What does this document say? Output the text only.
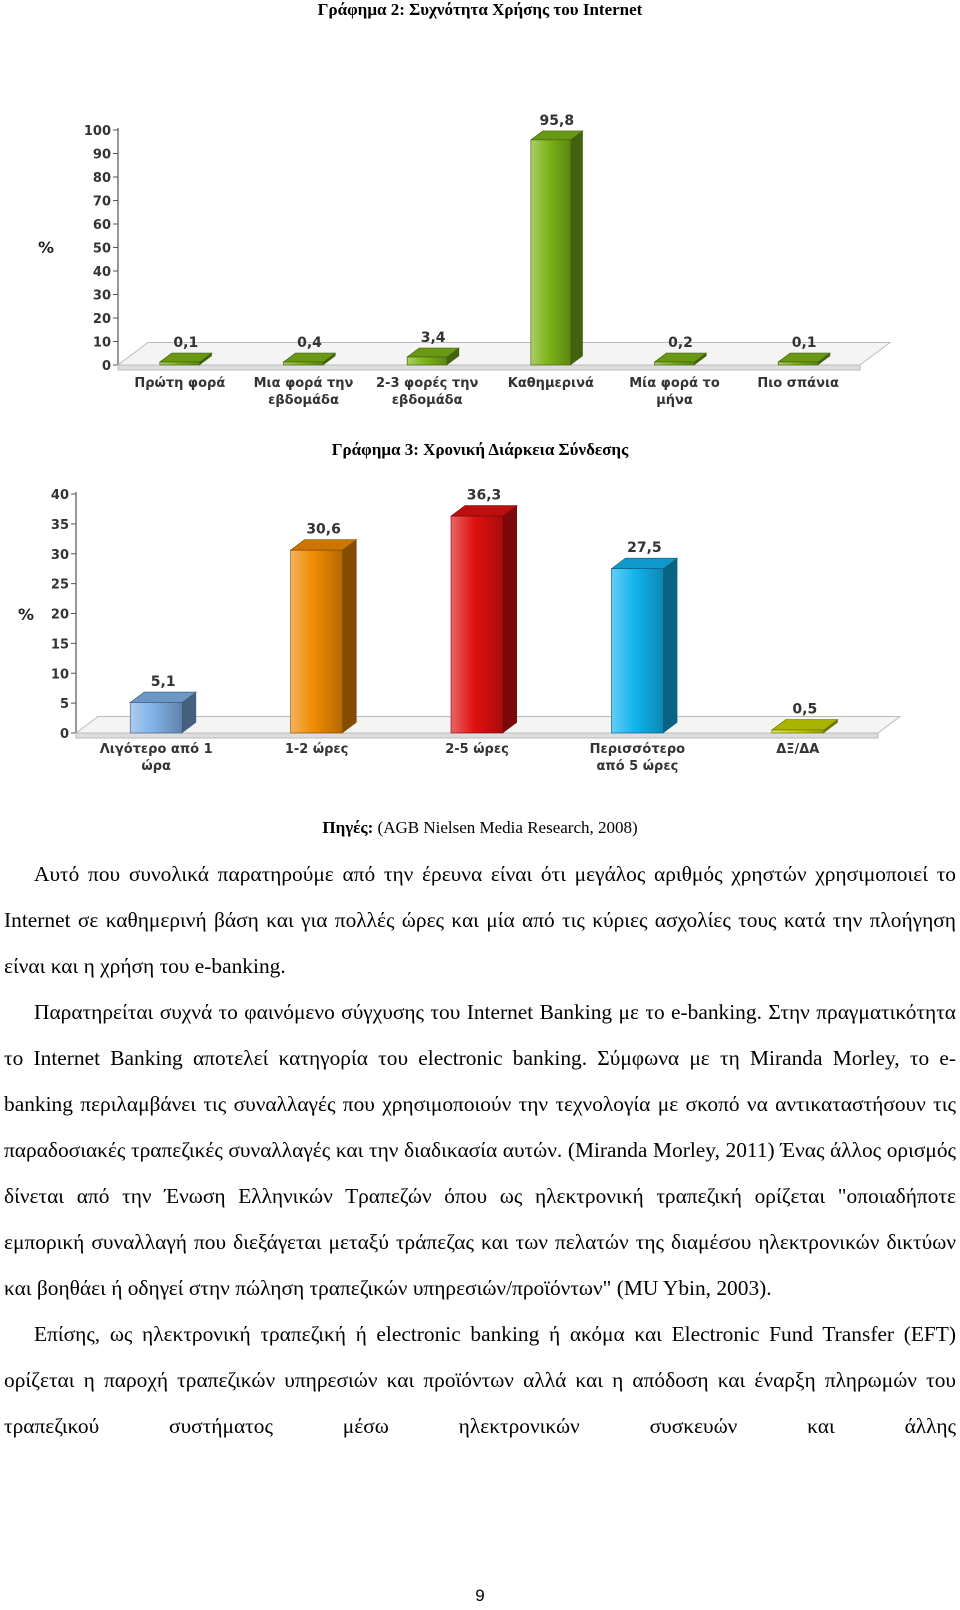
Γράφημα 2: Συχνότητα Χρήσης του Internet
%
0
10
20
30
40
50
60
70
80
90
100
0,1
Πρώτη φορά
0,4
Μια φορά την
εβδομάδα
3,4
2-3 φορές την
εβδομάδα
95,8
Καθημερινά
0,2
Μία φορά το
μήνα
0,1
Πιο σπάνια
Γράφημα 3: Χρονική Διάρκεια Σύνδεσης
%
0
5
10
15
20
25
30
35
40
5,1
Λιγότερο από 1
ώρα
30,6
1-2 ώρες
36,3
2-5 ώρες
27,5
Περισσότερο
από 5 ώρες
0,5
ΔΞ/ΔΑ
Πηγές: (AGB Nielsen Media Research, 2008)

Αυτό που συνολικά παρατηρούμε από την έρευνα είναι ότι μεγάλος αριθμός χρηστών χρησιμοποιεί το Internet σε καθημερινή βάση και για πολλές ώρες και μία από τις κύριες ασχολίες τους κατά την πλοήγηση είναι και η χρήση του e-banking.

Παρατηρείται συχνά το φαινόμενο σύγχυσης του Internet Banking με το e-banking. Στην πραγματικότητα το Internet Banking αποτελεί κατηγορία του electronic banking. Σύμφωνα με τη Miranda Morley, το e-banking περιλαμβάνει τις συναλλαγές που χρησιμοποιούν την τεχνολογία με σκοπό να αντικαταστήσουν τις παραδοσιακές τραπεζικές συναλλαγές και την διαδικασία αυτών. (Miranda Morley, 2011) Ένας άλλος ορισμός δίνεται από την Ένωση Ελληνικών Τραπεζών όπου ως ηλεκτρονική τραπεζική ορίζεται "οποιαδήποτε εμπορική συναλλαγή που διεξάγεται μεταξύ τράπεζας και των πελατών της διαμέσου ηλεκτρονικών δικτύων και βοηθάει ή οδηγεί στην πώληση τραπεζικών υπηρεσιών/προϊόντων" (MU Ybin, 2003).

Επίσης, ως ηλεκτρονική τραπεζική ή electronic banking ή ακόμα και Electronic Fund Transfer (EFT) ορίζεται η παροχή τραπεζικών υπηρεσιών και προϊόντων αλλά και η απόδοση και έναρξη πληρωμών του τραπεζικού συστήματος μέσω ηλεκτρονικών συσκευών και άλλης

9
